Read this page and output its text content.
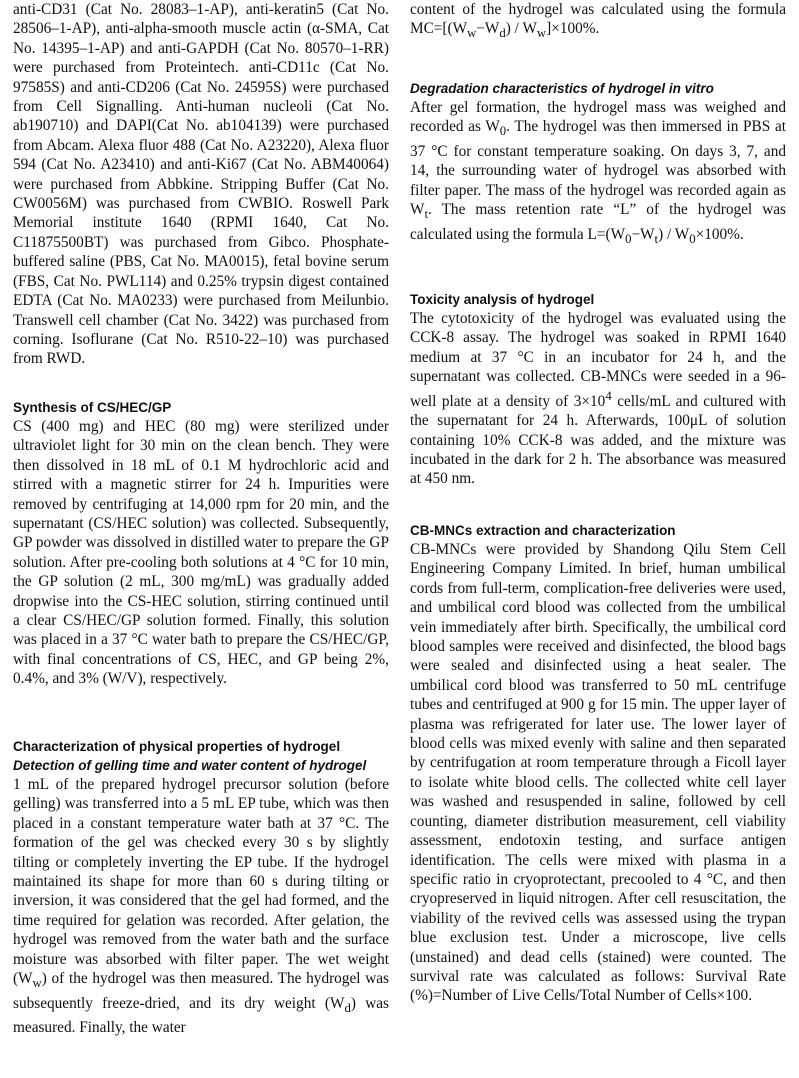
anti-CD31 (Cat No. 28083–1-AP), anti-keratin5 (Cat No. 28506–1-AP), anti-alpha-smooth muscle actin (α-SMA, Cat No. 14395–1-AP) and anti-GAPDH (Cat No. 80570–1-RR) were purchased from Proteintech. anti-CD11c (Cat No. 97585S) and anti-CD206 (Cat No. 24595S) were purchased from Cell Signalling. Anti-human nucleoli (Cat No. ab190710) and DAPI(Cat No. ab104139) were purchased from Abcam. Alexa fluor 488 (Cat No. A23220), Alexa fluor 594 (Cat No. A23410) and anti-Ki67 (Cat No. ABM40064) were purchased from Abbkine. Stripping Buffer (Cat No. CW0056M) was purchased from CWBIO. Roswell Park Memorial institute 1640 (RPMI 1640, Cat No. C11875500BT) was purchased from Gibco. Phosphate-buffered saline (PBS, Cat No. MA0015), fetal bovine serum (FBS, Cat No. PWL114) and 0.25% trypsin digest contained EDTA (Cat No. MA0233) were purchased from Meilunbio. Transwell cell chamber (Cat No. 3422) was purchased from corning. Isoflurane (Cat No. R510-22–10) was purchased from RWD.

Synthesis of CS/HEC/GP

CS (400 mg) and HEC (80 mg) were sterilized under ultraviolet light for 30 min on the clean bench. They were then dissolved in 18 mL of 0.1 M hydrochloric acid and stirred with a magnetic stirrer for 24 h. Impurities were removed by centrifuging at 14,000 rpm for 20 min, and the supernatant (CS/HEC solution) was collected. Subsequently, GP powder was dissolved in distilled water to prepare the GP solution. After pre-cooling both solutions at 4 °C for 10 min, the GP solution (2 mL, 300 mg/mL) was gradually added dropwise into the CS-HEC solution, stirring continued until a clear CS/HEC/GP solution formed. Finally, this solution was placed in a 37 °C water bath to prepare the CS/HEC/GP, with final concentrations of CS, HEC, and GP being 2%, 0.4%, and 3% (W/V), respectively.

Characterization of physical properties of hydrogel
Detection of gelling time and water content of hydrogel

1 mL of the prepared hydrogel precursor solution (before gelling) was transferred into a 5 mL EP tube, which was then placed in a constant temperature water bath at 37 °C. The formation of the gel was checked every 30 s by slightly tilting or completely inverting the EP tube. If the hydrogel maintained its shape for more than 60 s during tilting or inversion, it was considered that the gel had formed, and the time required for gelation was recorded. After gelation, the hydrogel was removed from the water bath and the surface moisture was absorbed with filter paper. The wet weight $(W_w)$ of the hydrogel was then measured. The hydrogel was subsequently freeze-dried, and its dry weight $(W_d)$ was measured. Finally, the water

content of the hydrogel was calculated using the formula $MC=[(W_w-W_d) / W_w]\times 100\%$.

Degradation characteristics of hydrogel in vitro

After gel formation, the hydrogel mass was weighed and recorded as $W_0$. The hydrogel was then immersed in PBS at 37 °C for constant temperature soaking. On days 3, 7, and 14, the surrounding water of hydrogel was absorbed with filter paper. The mass of the hydrogel was recorded again as $W_t$. The mass retention rate “L” of the hydrogel was calculated using the formula $L=(W_0-W_t) / W_0\times 100\%$.

Toxicity analysis of hydrogel

The cytotoxicity of the hydrogel was evaluated using the CCK-8 assay. The hydrogel was soaked in RPMI 1640 medium at 37 °C in an incubator for 24 h, and the supernatant was collected. CB-MNCs were seeded in a 96-well plate at a density of $3\times 10^4$ cells/mL and cultured with the supernatant for 24 h. Afterwards, 100μL of solution containing 10% CCK-8 was added, and the mixture was incubated in the dark for 2 h. The absorbance was measured at 450 nm.

CB-MNCs extraction and characterization

CB-MNCs were provided by Shandong Qilu Stem Cell Engineering Company Limited. In brief, human umbilical cords from full-term, complication-free deliveries were used, and umbilical cord blood was collected from the umbilical vein immediately after birth. Specifically, the umbilical cord blood samples were received and disinfected, the blood bags were sealed and disinfected using a heat sealer. The umbilical cord blood was transferred to 50 mL centrifuge tubes and centrifuged at 900 g for 15 min. The upper layer of plasma was refrigerated for later use. The lower layer of blood cells was mixed evenly with saline and then separated by centrifugation at room temperature through a Ficoll layer to isolate white blood cells. The collected white cell layer was washed and resuspended in saline, followed by cell counting, diameter distribution measurement, cell viability assessment, endotoxin testing, and surface antigen identification. The cells were mixed with plasma in a specific ratio in cryoprotectant, precooled to 4 °C, and then cryopreserved in liquid nitrogen. After cell resuscitation, the viability of the revived cells was assessed using the trypan blue exclusion test. Under a microscope, live cells (unstained) and dead cells (stained) were counted. The survival rate was calculated as follows: Survival Rate (%)=Number of Live Cells/Total Number of Cells×100.
